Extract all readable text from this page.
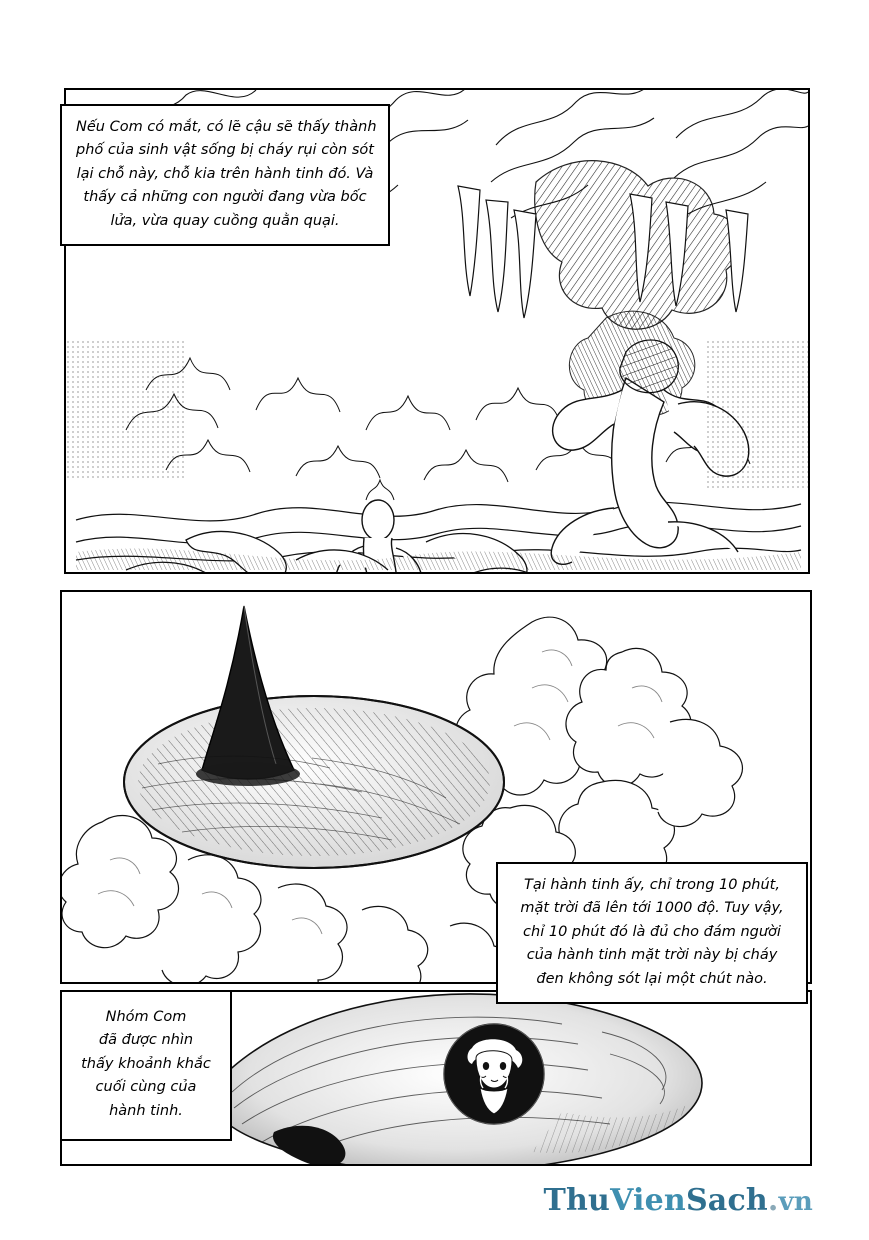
Nếu Com có mắt, có lẽ cậu sẽ thấy thành
phố của sinh vật sống bị cháy rụi còn sót
lại chỗ này, chỗ kia trên hành tinh đó. Và
thấy cả những con người đang vừa bốc
lửa, vừa quay cuồng quằn quại.
Tại hành tinh ấy, chỉ trong 10 phút,
mặt trời đã lên tới 1000 độ. Tuy vậy,
chỉ 10 phút đó là đủ cho đám người
của hành tinh mặt trời này bị cháy
đen không sót lại một chút nào.
Nhóm Com
đã được nhìn
thấy khoảnh khắc
cuối cùng của
hành tinh.
ThuVienSach.vn
